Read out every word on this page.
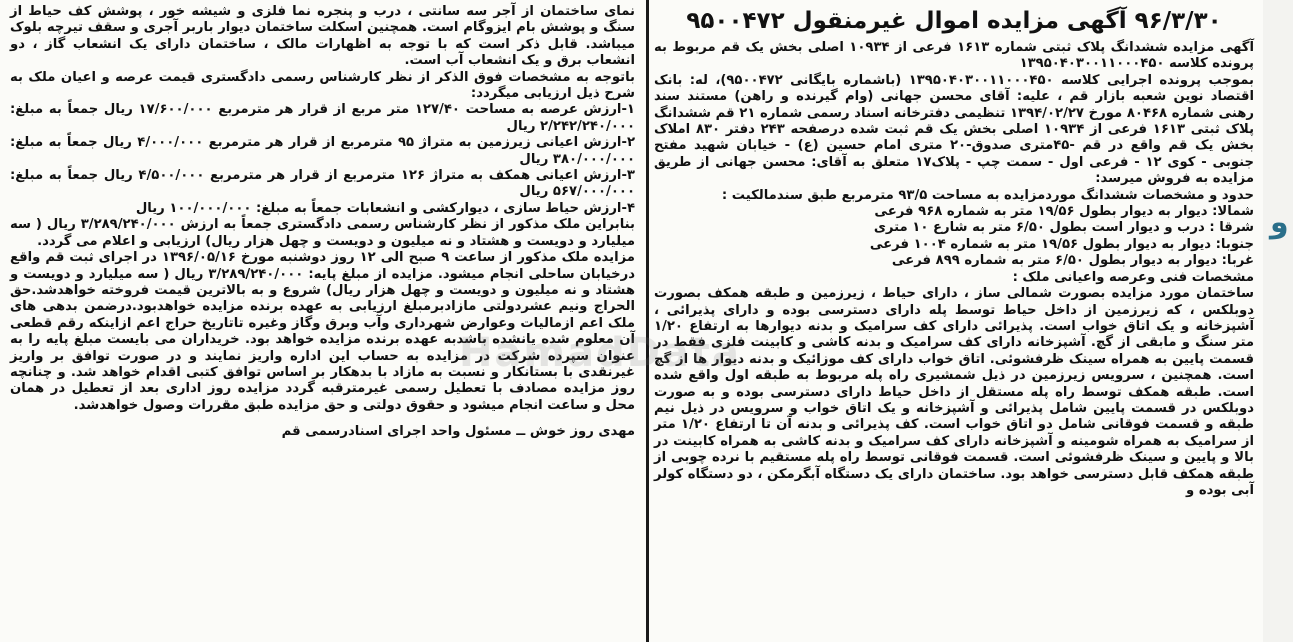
۹۶/۳/۳۰ آگهی مزایده اموال غیرمنقول ۹۵۰۰۴۷۲

آگهی مزایده ششدانگ پلاک ثبتی شماره ۱۶۱۳ فرعی از ۱۰۹۳۴ اصلی بخش یک قم مربوط به پرونده کلاسه ۱۳۹۵۰۴۰۳۰۰۱۱۰۰۰۴۵۰

بموجب پرونده اجرایی کلاسه ۱۳۹۵۰۴۰۳۰۰۱۱۰۰۰۴۵۰ (باشماره بایگانی ۹۵۰۰۴۷۲)، له: بانک اقتصاد نوین شعبه بازار قم ، علیه: آقای محسن جهانی (وام گیرنده و راهن) مستند سند رهنی شماره ۸۰۴۶۸ مورخ ۱۳۹۴/۰۲/۲۷ تنظیمی دفترخانه اسناد رسمی شماره ۲۱ قم ششدانگ پلاک ثبتی ۱۶۱۳ فرعی از ۱۰۹۳۴ اصلی بخش یک قم ثبت شده درصفحه ۲۴۳ دفتر ۸۳۰ املاک بخش یک قم واقع در قم -۴۵متری صدوق-۲۰ متری امام حسین (ع) - خیابان شهید مفتح جنوبی - کوی ۱۲ - فرعی اول - سمت چپ - پلاک۱۷ متعلق به آقای: محسن جهانی از طریق مزایده به فروش میرسد:

حدود و مشخصات ششدانگ موردمزایده به مساحت ۹۳/۵ مترمربع طبق سندمالکیت :

شمالا: دیوار به دیوار بطول ۱۹/۵۶ متر به شماره ۹۶۸ فرعی
شرقا : درب و دیوار است بطول ۶/۵۰ متر به شارع ۱۰ متری
جنوبا: دیوار به دیوار بطول ۱۹/۵۶ متر به شماره ۱۰۰۴ فرعی
غربا: دیوار به دیوار بطول ۶/۵۰ متر به شماره ۸۹۹ فرعی
مشخصات فنی وعرصه واعیانی ملک :

ساختمان مورد مزایده بصورت شمالی ساز ، دارای حیاط ، زیرزمین و طبقه همکف بصورت دوبلکس ، که زیرزمین از داخل حیاط توسط پله دارای دسترسی بوده و دارای پذیرائی ، آشپزخانه و یک اتاق خواب است. پذیرائی دارای کف سرامیک و بدنه دیوارها به ارتفاع ۱/۲۰ متر سنگ و مابقی از گچ. آشپزخانه دارای کف سرامیک و بدنه کاشی و کابینت فلزی فقط در قسمت پایین به همراه سینک ظرفشوئی. اتاق خواب دارای کف موزائیک و بدنه دیوار ها از گچ است. همچنین ، سرویس زیرزمین در ذیل شمشیری راه پله مربوط به طبقه اول واقع شده است. طبقه همکف توسط راه پله مستقل از داخل حیاط دارای دسترسی بوده و به صورت دوبلکس در قسمت پایین شامل پذیرائی و آشپزخانه و یک اتاق خواب و سرویس در ذیل نیم طبقه و قسمت فوقانی شامل دو اتاق خواب است. کف پذیرائی و بدنه آن تا ارتفاع ۱/۲۰ متر از سرامیک به همراه شومینه و آشپزخانه دارای کف سرامیک و بدنه کاشی به همراه کابینت در بالا و پایین و سینک ظرفشوئی است. قسمت فوقانی توسط راه پله مستقیم با نرده چوبی از طبقه همکف قابل دسترسی خواهد بود. ساختمان دارای یک دستگاه آبگرمکن ، دو دستگاه کولر آبی بوده و

نمای ساختمان از آجر سه سانتی ، درب و پنجره نما فلزی و شیشه خور ، پوشش کف حیاط از سنگ و پوشش بام ایزوگام است. همچنین اسکلت ساختمان دیوار باربر آجری و سقف تیرچه بلوک میباشد. قابل ذکر است که با توجه به اظهارات مالک ، ساختمان دارای یک انشعاب گاز ، دو انشعاب برق و یک انشعاب آب است.

باتوجه به مشخصات فوق الذکر از نظر کارشناس رسمی دادگستری قیمت عرصه و اعیان ملک به شرح ذیل ارزیابی میگردد:

۱-ارزش عرصه به مساحت ۱۲۷/۴۰ متر مربع از قرار هر مترمربع ۱۷/۶۰۰/۰۰۰ ریال جمعاً به مبلغ: ۲/۲۴۲/۲۴۰/۰۰۰ ریال

۲-ارزش اعیانی زیرزمین به متراژ ۹۵ مترمربع از قرار هر مترمربع ۴/۰۰۰/۰۰۰ ریال جمعاً به مبلغ: ۳۸۰/۰۰۰/۰۰۰ ریال

۳-ارزش اعیانی همکف به متراژ ۱۲۶ مترمربع از قرار هر مترمربع ۴/۵۰۰/۰۰۰ ریال جمعاً به مبلغ: ۵۶۷/۰۰۰/۰۰۰ ریال

۴-ارزش حیاط سازی ، دیوارکشی و انشعابات جمعاً به مبلغ: ۱۰۰/۰۰۰/۰۰۰ ریال

بنابراین ملک مذکور از نظر کارشناس رسمی دادگستری جمعاً به ارزش ۳/۲۸۹/۲۴۰/۰۰۰ ریال ( سه میلیارد و دویست و هشتاد و نه میلیون و دویست و چهل هزار ریال) ارزیابی و اعلام می گردد.

مزایده ملک مذکور از ساعت ۹ صبح الی ۱۲ روز دوشنبه مورخ ۱۳۹۶/۰۵/۱۶ در اجرای ثبت قم واقع درخیابان ساحلی انجام میشود. مزایده از مبلغ پایه: ۳/۲۸۹/۲۴۰/۰۰۰ ریال ( سه میلیارد و دویست و هشتاد و نه میلیون و دویست و چهل هزار ریال) شروع و به بالاترین قیمت فروخته خواهدشد.حق الحراج ونیم عشردولتی مازادبرمبلغ ارزیابی به عهده برنده مزایده خواهدبود.درضمن بدهی های ملک اعم ازمالیات وعوارض شهرداری وآب وبرق وگاز وغیره تاتاریخ حراج اعم ازاینکه رقم قطعی آن معلوم شده یانشده باشدبه عهده برنده مزایده خواهد بود. خریداران می بایست مبلغ پایه را به عنوان سپرده شرکت در مزایده به حساب این اداره واریز نمایند و در صورت توافق بر واریز غیرنقدی با بستانکار و نسبت به مازاد با بدهکار بر اساس توافق کتبی اقدام خواهد شد. و چنانچه روز مزایده مصادف با تعطیل رسمی غیرمترقبه گردد مزایده روز اداری بعد از تعطیل در همان محل و ساعت انجام میشود و حقوق دولتی و حق مزایده طبق مقررات وصول خواهدشد.

مهدی روز خوش ــ مسئول واحد اجرای اسنادرسمی قم

HamadData
و
